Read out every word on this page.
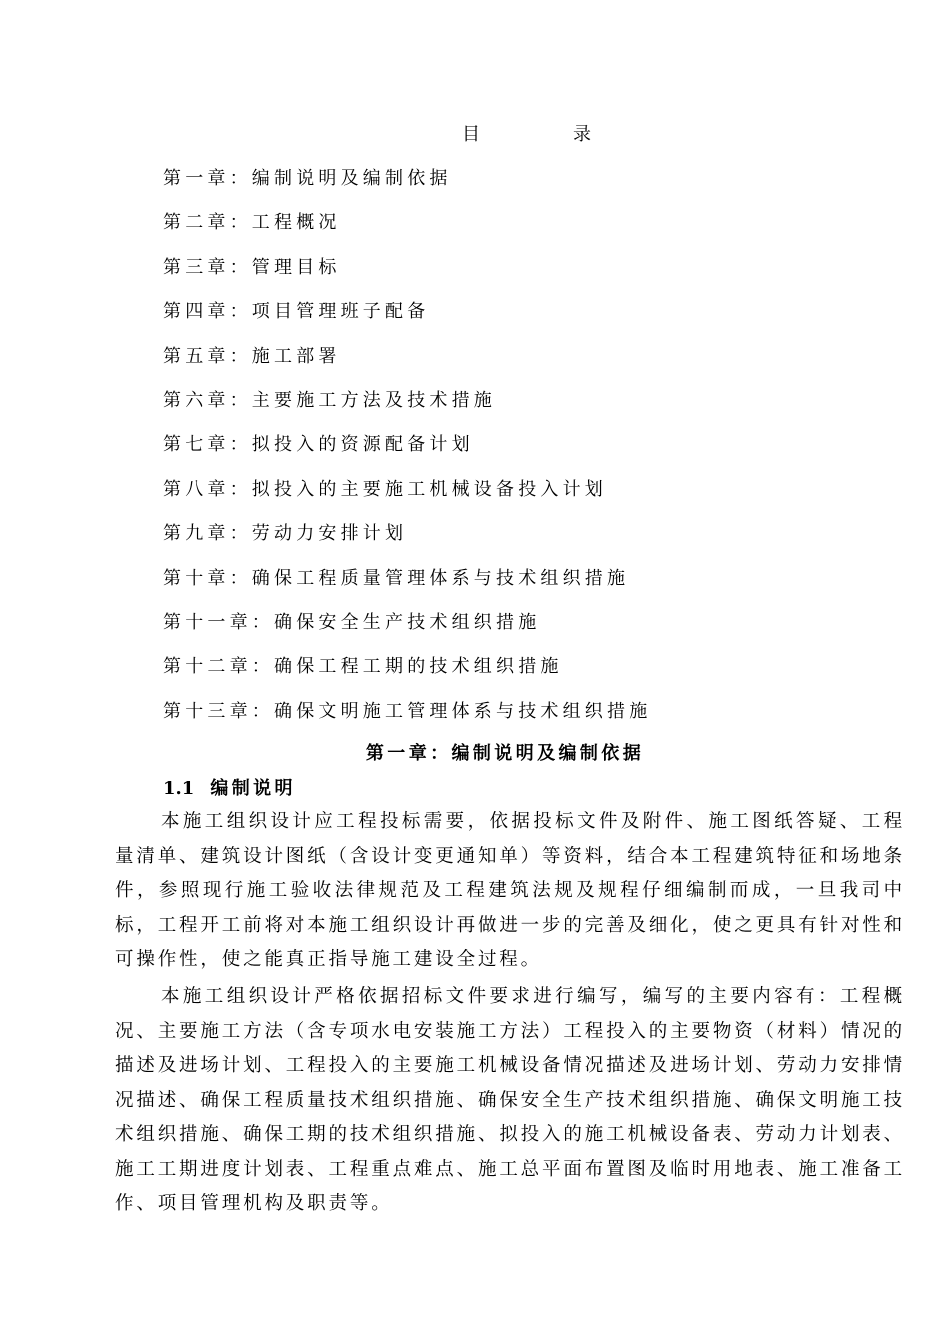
目	录
第一章：编制说明及编制依据
第二章：工程概况
第三章：管理目标
第四章：项目管理班子配备
第五章：施工部署
第六章：主要施工方法及技术措施
第七章：拟投入的资源配备计划
第八章：拟投入的主要施工机械设备投入计划
第九章：劳动力安排计划
第十章：确保工程质量管理体系与技术组织措施
第十一章：确保安全生产技术组织措施
第十二章：确保工程工期的技术组织措施
第十三章：确保文明施工管理体系与技术组织措施
第一章：编制说明及编制依据
1.1 编制说明

本施工组织设计应工程投标需要，依据投标文件及附件、施工图纸答疑、工程量清单、建筑设计图纸（含设计变更通知单）等资料，结合本工程建筑特征和场地条件，参照现行施工验收法律规范及工程建筑法规及规程仔细编制而成，一旦我司中标，工程开工前将对本施工组织设计再做进一步的完善及细化，使之更具有针对性和可操作性，使之能真正指导施工建设全过程。

本施工组织设计严格依据招标文件要求进行编写，编写的主要内容有：工程概况、主要施工方法（含专项水电安装施工方法）工程投入的主要物资（材料）情况的描述及进场计划、工程投入的主要施工机械设备情况描述及进场计划、劳动力安排情况描述、确保工程质量技术组织措施、确保安全生产技术组织措施、确保文明施工技术组织措施、确保工期的技术组织措施、拟投入的施工机械设备表、劳动力计划表、施工工期进度计划表、工程重点难点、施工总平面布置图及临时用地表、施工准备工作、项目管理机构及职责等。
